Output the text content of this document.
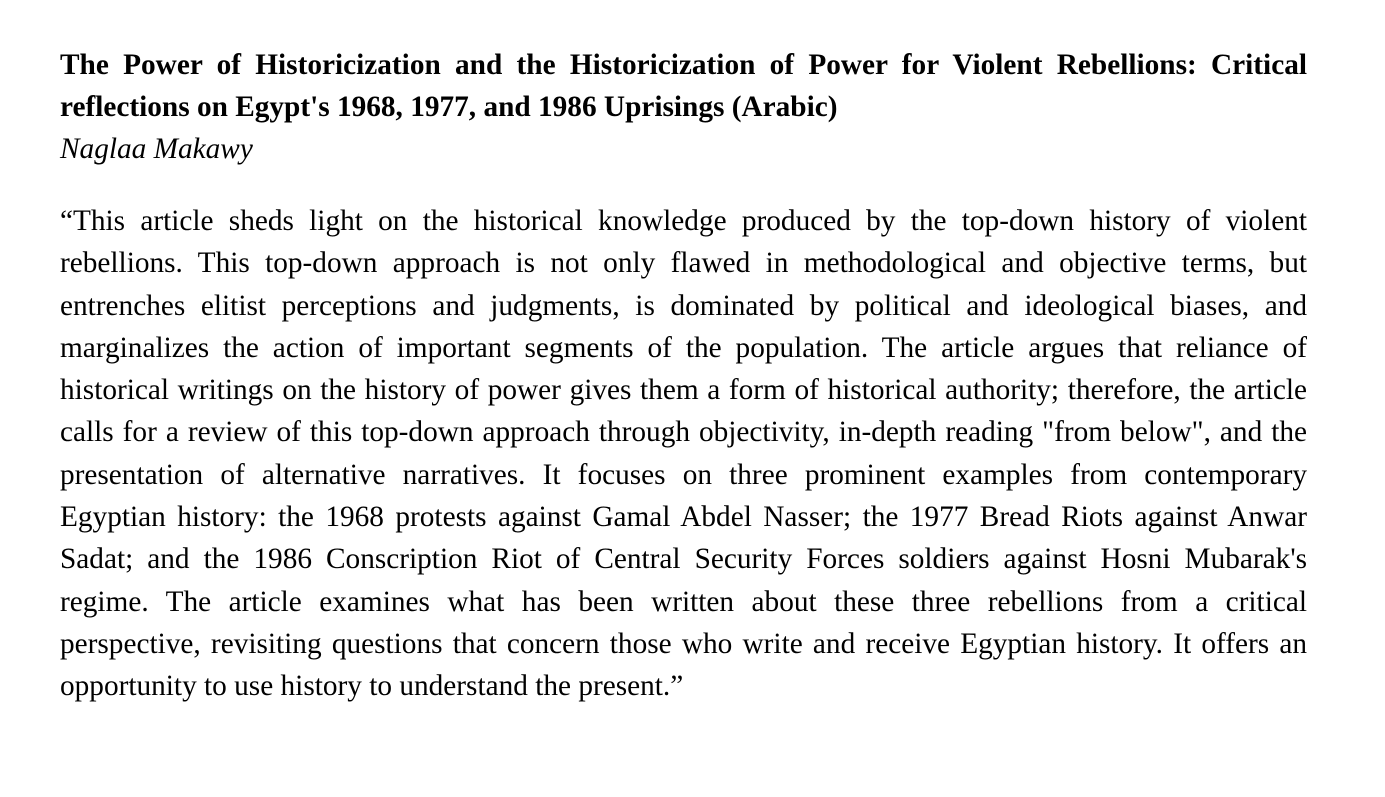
The Power of Historicization and the Historicization of Power for Violent Rebellions: Critical reflections on Egypt's 1968, 1977, and 1986 Uprisings (Arabic)

Naglaa Makawy

“This article sheds light on the historical knowledge produced by the top-down history of violent rebellions. This top-down approach is not only flawed in methodological and objective terms, but entrenches elitist perceptions and judgments, is dominated by political and ideological biases, and marginalizes the action of important segments of the population. The article argues that reliance of historical writings on the history of power gives them a form of historical authority; therefore, the article calls for a review of this top-down approach through objectivity, in-depth reading "from below", and the presentation of alternative narratives. It focuses on three prominent examples from contemporary Egyptian history: the 1968 protests against Gamal Abdel Nasser; the 1977 Bread Riots against Anwar Sadat; and the 1986 Conscription Riot of Central Security Forces soldiers against Hosni Mubarak's regime. The article examines what has been written about these three rebellions from a critical perspective, revisiting questions that concern those who write and receive Egyptian history. It offers an opportunity to use history to understand the present.”
